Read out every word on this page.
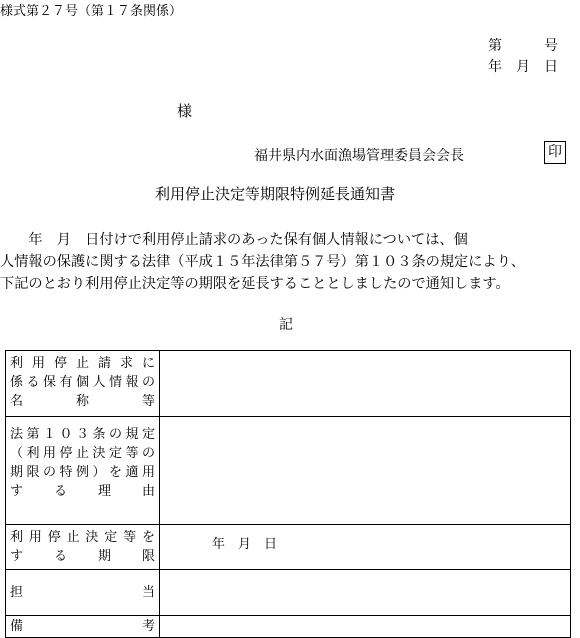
様式第２７号（第１７条関係）
第	号
年 月 日
様
福井県内水面漁場管理委員会会長	印
利用停止決定等期限特例延長通知書
　　年　月　日付けで利用停止請求のあった保有個人情報については、個
人情報の保護に関する法律（平成１５年法律第５７号）第１０３条の規定により、
下記のとおり利用停止決定等の期限を延長することとしましたので通知します。
記
利用停止請求に
係る保有個人情報の
名　　称　　等	

法第１０３条の規定
（利用停止決定等の
期限の特例）を適用
す　る　理　由	

利用停止決定等を
す　る　期　限	年　月　日

担　　　　当	

備　　　　考	
